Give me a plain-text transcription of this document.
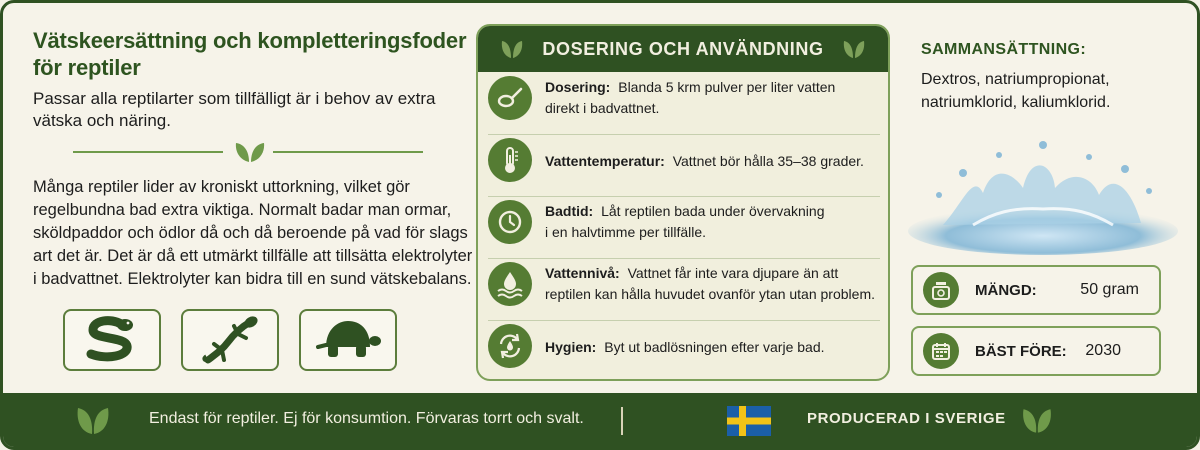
Vätskeersättning och kompletteringsfoder för reptiler
Passar alla reptilarter som tillfälligt är i behov av extra vätska och näring.
Många reptiler lider av kroniskt uttorkning, vilket gör regelbundna bad extra viktiga. Normalt badar man ormar, sköldpaddor och ödlor då och då beroende på vad för slags art det är. Det är då ett utmärkt tillfälle att tillsätta elektrolyter i badvattnet. Elektrolyter kan bidra till en sund vätskebalans.
DOSERING OCH ANVÄNDNING
Dosering: Blanda 5 krm pulver per liter vatten
direkt i badvattnet.
Vattentemperatur: Vattnet bör hålla 35–38 grader.
Badtid: Låt reptilen bada under övervakning
i en halvtimme per tillfälle.
Vattennivå: Vattnet får inte vara djupare än att
reptilen kan hålla huvudet ovanför ytan utan problem.
Hygien: Byt ut badlösningen efter varje bad.
SAMMANSÄTTNING:
Dextros, natriumpropionat, natriumklorid, kaliumklorid.
MÄNGD:	50 gram
BÄST FÖRE: 2030
Endast för reptiler. Ej för konsumtion. Förvaras torrt och svalt.	PRODUCERAD I SVERIGE
